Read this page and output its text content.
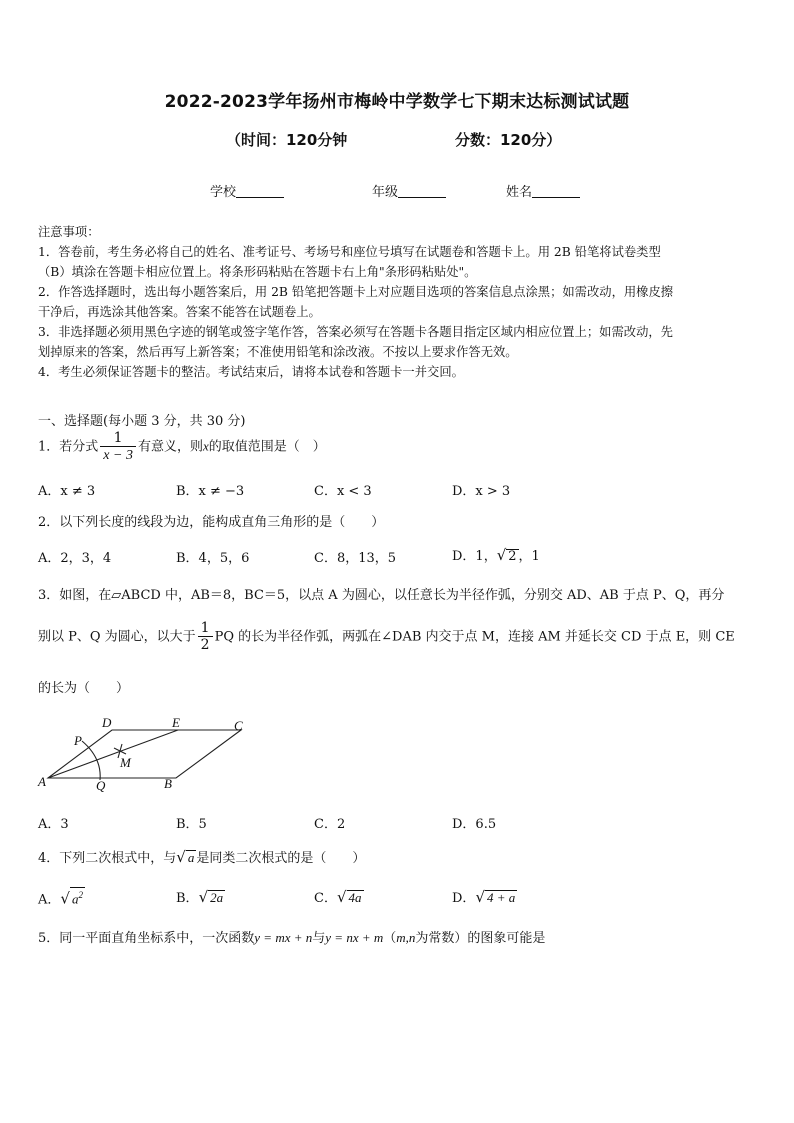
2022-2023学年扬州市梅岭中学数学七下期末达标测试试题
（时间：120分钟	分数：120分）
学校	年级	姓名
注意事项：
1．答卷前，考生务必将自己的姓名、准考证号、考场号和座位号填写在试题卷和答题卡上。用 2B 铅笔将试卷类型
（B）填涂在答题卡相应位置上。将条形码粘贴在答题卡右上角"条形码粘贴处"。
2．作答选择题时，选出每小题答案后，用 2B 铅笔把答题卡上对应题目选项的答案信息点涂黑；如需改动，用橡皮擦
干净后，再选涂其他答案。答案不能答在试题卷上。
3．非选择题必须用黑色字迹的钢笔或签字笔作答，答案必须写在答题卡各题目指定区域内相应位置上；如需改动，先
划掉原来的答案，然后再写上新答案；不准使用铅笔和涂改液。不按以上要求作答无效。
4．考生必须保证答题卡的整洁。考试结束后，请将本试卷和答题卡一并交回。
一、选择题(每小题 3 分，共 30 分)
1．若分式 $\frac{1}{x - 3}$ 有意义，则x的取值范围是（　）
A．x ≠ 3	B．x ≠ −3	C．x < 3	D．x > 3
2．以下列长度的线段为边，能构成直角三角形的是（　　）
A．2，3，4	B．4，5，6	C．8，13，5	D．1，√ 2 ，1
3．如图，在▱ABCD 中，AB＝8，BC＝5，以点 A 为圆心，以任意长为半径作弧，分别交 AD、AB 于点 P、Q，再分
别以 P、Q 为圆心，以大于 $\frac{1}{2}$ PQ 的长为半径作弧，两弧在∠DAB 内交于点 M，连接 AM 并延长交 CD 于点 E，则 CE
的长为（　　）
D	E	C
P
M
A	Q	B
A．3	B．5	C．2	D．6.5
4．下列二次根式中，与√ a 是同类二次根式的是（　　）
A．√ $a^2$	B．√ 2a	C．√ 4a	D．√ 4 + a
5．同一平面直角坐标系中，一次函数y = mx + n与y = nx + m（m,n为常数）的图象可能是
